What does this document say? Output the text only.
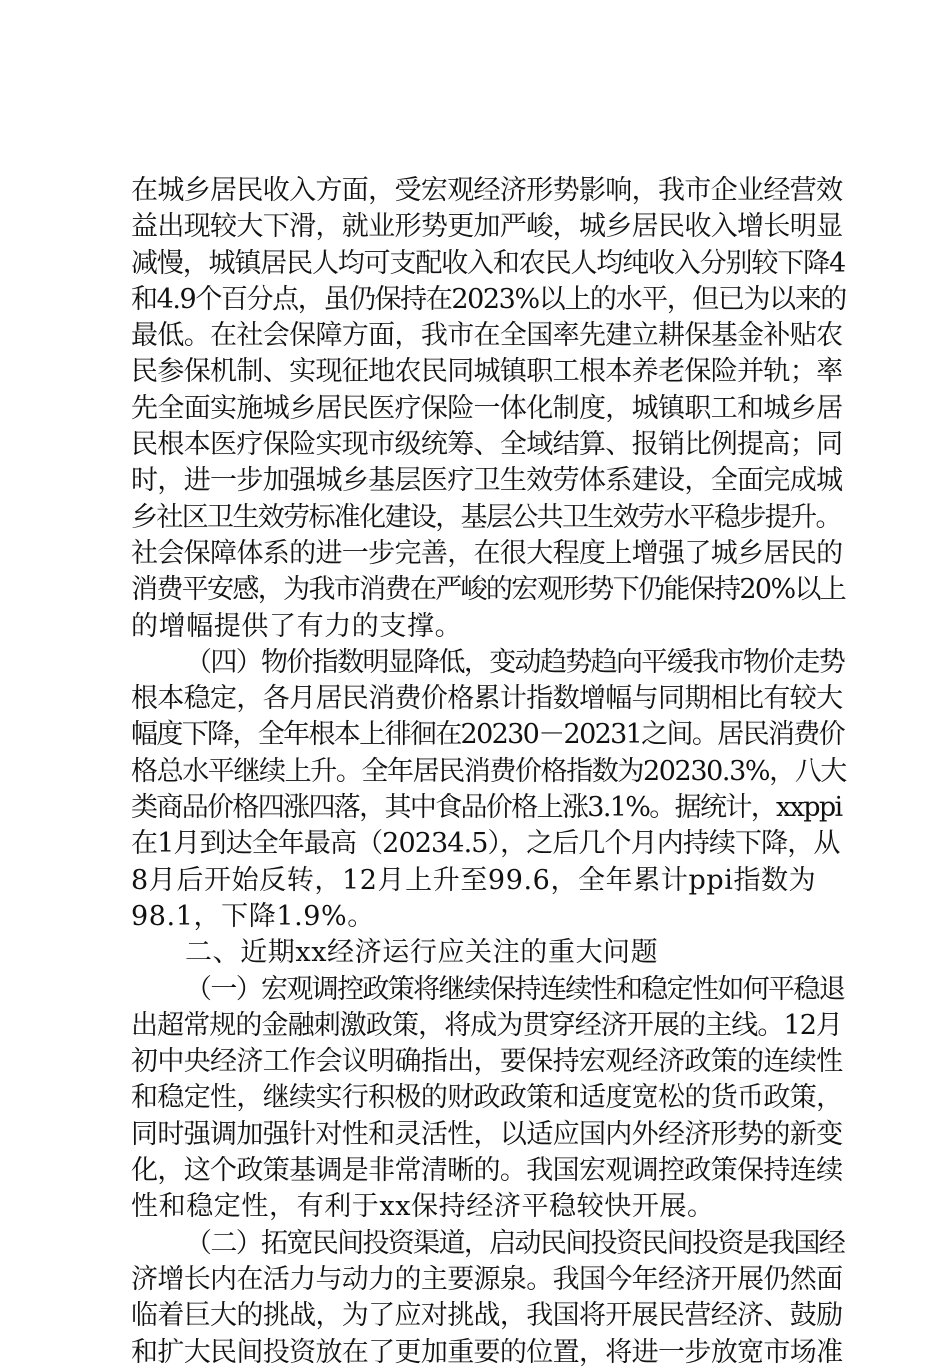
在城乡居民收入方面，受宏观经济形势影响，我市企业经营效
益出现较大下滑，就业形势更加严峻，城乡居民收入增长明显
减慢，城镇居民人均可支配收入和农民人均纯收入分别较下降4
和4.9个百分点，虽仍保持在2023%以上的水平，但已为以来的
最低。在社会保障方面，我市在全国率先建立耕保基金补贴农
民参保机制、实现征地农民同城镇职工根本养老保险并轨；率
先全面实施城乡居民医疗保险一体化制度，城镇职工和城乡居
民根本医疗保险实现市级统筹、全域结算、报销比例提高；同
时，进一步加强城乡基层医疗卫生效劳体系建设，全面完成城
乡社区卫生效劳标准化建设，基层公共卫生效劳水平稳步提升。
社会保障体系的进一步完善，在很大程度上增强了城乡居民的
消费平安感，为我市消费在严峻的宏观形势下仍能保持20%以上
的增幅提供了有力的支撑。
（四）物价指数明显降低，变动趋势趋向平缓我市物价走势
根本稳定，各月居民消费价格累计指数增幅与同期相比有较大
幅度下降，全年根本上徘徊在20230－20231之间。居民消费价
格总水平继续上升。全年居民消费价格指数为20230.3%，八大
类商品价格四涨四落，其中食品价格上涨3.1%。据统计，xxppi
在1月到达全年最高（20234.5），之后几个月内持续下降，从
8月后开始反转，12月上升至99.6，全年累计ppi指数为
98.1，下降1.9%。
二、近期xx经济运行应关注的重大问题
（一）宏观调控政策将继续保持连续性和稳定性如何平稳退
出超常规的金融刺激政策，将成为贯穿经济开展的主线。12月
初中央经济工作会议明确指出，要保持宏观经济政策的连续性
和稳定性，继续实行积极的财政政策和适度宽松的货币政策，
同时强调加强针对性和灵活性，以适应国内外经济形势的新变
化，这个政策基调是非常清晰的。我国宏观调控政策保持连续
性和稳定性，有利于xx保持经济平稳较快开展。
（二）拓宽民间投资渠道，启动民间投资民间投资是我国经
济增长内在活力与动力的主要源泉。我国今年经济开展仍然面
临着巨大的挑战，为了应对挑战，我国将开展民营经济、鼓励
和扩大民间投资放在了更加重要的位置，将进一步放宽市场准
